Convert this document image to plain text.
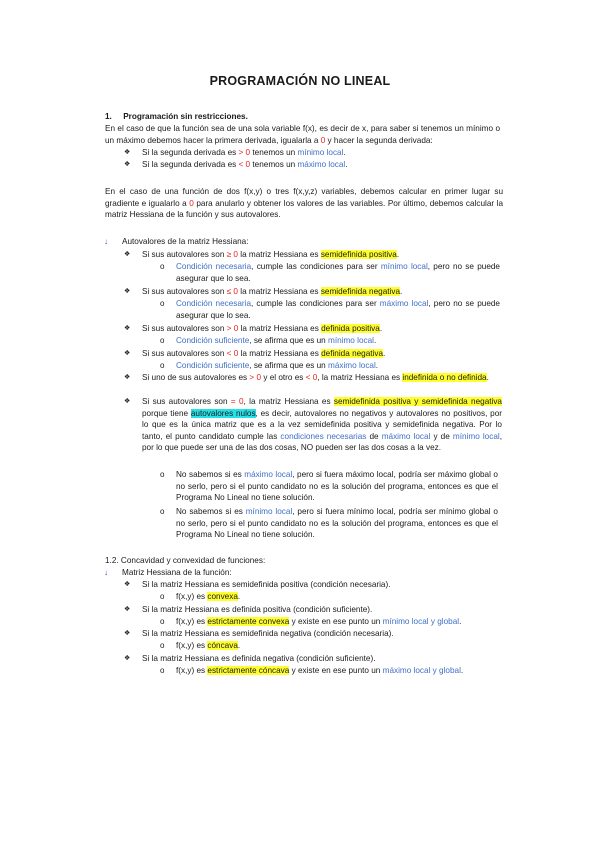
PROGRAMACIÓN NO LINEAL
1.     Programación sin restricciones.
En el caso de que la función sea de una sola variable f(x), es decir de x, para saber si tenemos un mínimo o un máximo debemos hacer la primera derivada, igualarla a 0 y hacer la segunda derivada:
❖ Si la segunda derivada es > 0 tenemos un mínimo local.
❖ Si la segunda derivada es < 0 tenemos un máximo local.
En el caso de una función de dos f(x,y) o tres f(x,y,z) variables, debemos calcular en primer lugar su gradiente e igualarlo a 0 para anularlo y obtener los valores de las variables. Por último, debemos calcular la matriz Hessiana de la función y sus autovalores.
↓ Autovalores de la matriz Hessiana:
❖ Si sus autovalores son ≥ 0 la matriz Hessiana es semidefinida positiva.
o Condición necesaria, cumple las condiciones para ser mínimo local, pero no se puede asegurar que lo sea.
❖ Si sus autovalores son ≤ 0 la matriz Hessiana es semidefinida negativa.
o Condición necesaria, cumple las condiciones para ser máximo local, pero no se puede asegurar que lo sea.
❖ Si sus autovalores son > 0 la matriz Hessiana es definida positiva.
o Condición suficiente, se afirma que es un mínimo local.
❖ Si sus autovalores son < 0 la matriz Hessiana es definida negativa.
o Condición suficiente, se afirma que es un máximo local.
❖ Si uno de sus autovalores es > 0 y el otro es < 0, la matriz Hessiana es indefinida o no definida.
❖ Si sus autovalores son = 0, la matriz Hessiana es semidefinida positiva y semidefinida negativa porque tiene autovalores nulos, es decir, autovalores no negativos y autovalores no positivos, por lo que es la única matriz que es a la vez semidefinida positiva y semidefinida negativa. Por lo tanto, el punto candidato cumple las condiciones necesarias de máximo local y de mínimo local, por lo que puede ser una de las dos cosas, NO pueden ser las dos cosas a la vez.
o No sabemos si es máximo local, pero si fuera máximo local, podría ser máximo global o no serlo, pero si el punto candidato no es la solución del programa, entonces es que el Programa No Lineal no tiene solución.
o No sabemos si es mínimo local, pero si fuera mínimo local, podría ser mínimo global o no serlo, pero si el punto candidato no es la solución del programa, entonces es que el Programa No Lineal no tiene solución.
1.2. Concavidad y convexidad de funciones:
↓ Matriz Hessiana de la función:
❖ Si la matriz Hessiana es semidefinida positiva (condición necesaria).
o f(x,y) es convexa.
❖ Si la matriz Hessiana es definida positiva (condición suficiente).
o f(x,y) es estrictamente convexa y existe en ese punto un mínimo local y global.
❖ Si la matriz Hessiana es semidefinida negativa (condición necesaria).
o f(x,y) es cóncava.
❖ Si la matriz Hessiana es definida negativa (condición suficiente).
o f(x,y) es estrictamente cóncava y existe en ese punto un máximo local y global.
